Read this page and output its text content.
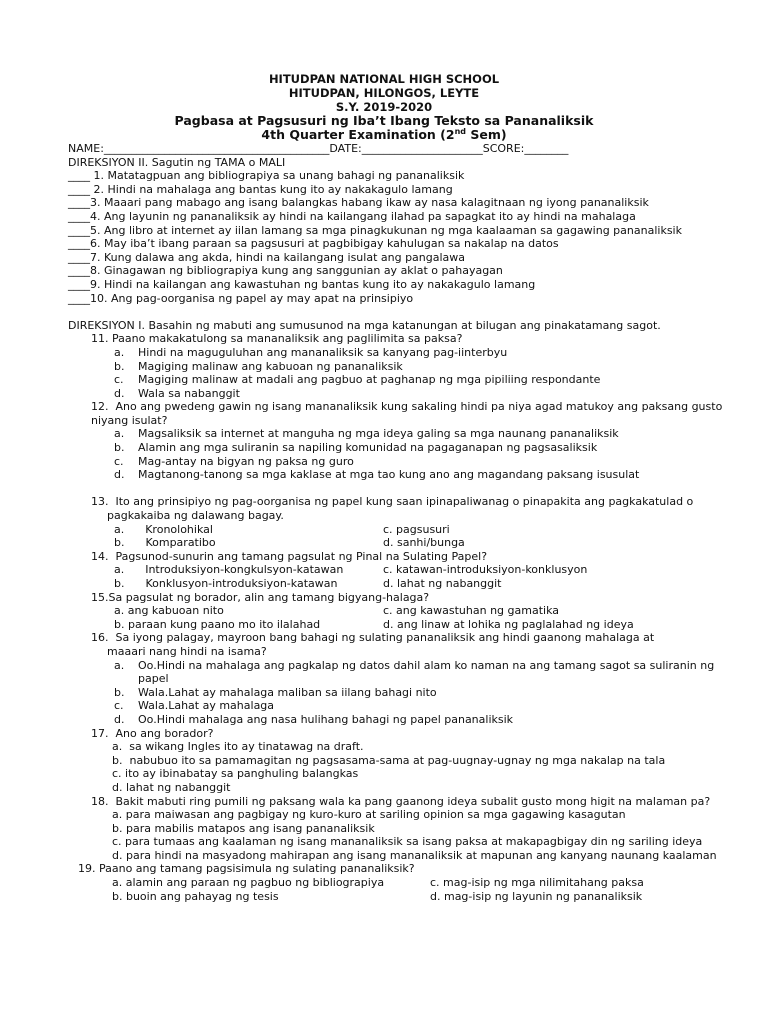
HITUDPAN NATIONAL HIGH SCHOOL
HITUDPAN, HILONGOS, LEYTE
S.Y. 2019-2020
Pagbasa at Pagsusuri ng Iba’t Ibang Teksto sa Pananaliksik
4th Quarter Examination (2nd Sem)
NAME:_________________________________________DATE:______________________SCORE:________
DIREKSIYON II. Sagutin ng TAMA o MALI
____ 1. Matatagpuan ang bibliograpiya sa unang bahagi ng pananaliksik
____ 2. Hindi na mahalaga ang bantas kung ito ay nakakagulo lamang
____3. Maaari pang mabago ang isang balangkas habang ikaw ay nasa kalagitnaan ng iyong pananaliksik
____4. Ang layunin ng pananaliksik ay hindi na kailangang ilahad pa sapagkat ito ay hindi na mahalaga
____5. Ang libro at internet ay iilan lamang sa mga pinagkukunan ng mga kaalaaman sa gagawing pananaliksik
____6. May iba’t ibang paraan sa pagsusuri at pagbibigay kahulugan sa nakalap na datos
____7. Kung dalawa ang akda, hindi na kailangang isulat ang pangalawa
____8. Ginagawan ng bibliograpiya kung ang sanggunian ay aklat o pahayagan
____9. Hindi na kailangan ang kawastuhan ng bantas kung ito ay nakakagulo lamang
____10. Ang pag-oorganisa ng papel ay may apat na prinsipiyo
DIREKSIYON I. Basahin ng mabuti ang sumusunod na mga katanungan at bilugan ang pinakatamang sagot.
11. Paano makakatulong sa mananaliksik ang paglilimita sa paksa?
a. Hindi na maguguluhan ang mananaliksik sa kanyang pag-iinterbyu
b. Magiging malinaw ang kabuoan ng pananaliksik
c. Magiging malinaw at madali ang pagbuo at paghanap ng mga pipiliing respondante
d. Wala sa nabanggit
12.  Ano ang pwedeng gawin ng isang mananaliksik kung sakaling hindi pa niya agad matukoy ang paksang gusto
niyang isulat?
a. Magsaliksik sa internet at manguha ng mga ideya galing sa mga naunang pananaliksik
b. Alamin ang mga suliranin sa napiling komunidad na pagaganapan ng pagsasaliksik
c. Mag-antay na bigyan ng paksa ng guro
d. Magtanong-tanong sa mga kaklase at mga tao kung ano ang magandang paksang isusulat
13.  Ito ang prinsipiyo ng pag-oorganisa ng papel kung saan ipinapaliwanag o pinapakita ang pagkakatulad o
pagkakaiba ng dalawang bagay.
a.      Kronolohikal	c. pagsusuri
b.      Komparatibo	d. sanhi/bunga
14.  Pagsunod-sunurin ang tamang pagsulat ng Pinal na Sulating Papel?
a.      Introduksiyon-kongkulsyon-katawan	c. katawan-introduksiyon-konklusyon
b.      Konklusyon-introduksiyon-katawan	d. lahat ng nabanggit
15.Sa pagsulat ng borador, alin ang tamang bigyang-halaga?
a. ang kabuoan nito	c. ang kawastuhan ng gamatika
b. paraan kung paano mo ito ilalahad	d. ang linaw at lohika ng paglalahad ng ideya
16.  Sa iyong palagay, mayroon bang bahagi ng sulating pananaliksik ang hindi gaanong mahalaga at
maaari nang hindi na isama?
a. Oo.Hindi na mahalaga ang pagkalap ng datos dahil alam ko naman na ang tamang sagot sa suliranin ng
papel
b. Wala.Lahat ay mahalaga maliban sa iilang bahagi nito
c. Wala.Lahat ay mahalaga
d. Oo.Hindi mahalaga ang nasa hulihang bahagi ng papel pananaliksik
17.  Ano ang borador?
a.  sa wikang Ingles ito ay tinatawag na draft.
b.  nabubuo ito sa pamamagitan ng pagsasama-sama at pag-uugnay-ugnay ng mga nakalap na tala
c. ito ay ibinabatay sa panghuling balangkas
d. lahat ng nabanggit
18.  Bakit mabuti ring pumili ng paksang wala ka pang gaanong ideya subalit gusto mong higit na malaman pa?
a. para maiwasan ang pagbigay ng kuro-kuro at sariling opinion sa mga gagawing kasagutan
b. para mabilis matapos ang isang pananaliksik
c. para tumaas ang kaalaman ng isang mananaliksik sa isang paksa at makapagbigay din ng sariling ideya
d. para hindi na masyadong mahirapan ang isang mananaliksik at mapunan ang kanyang naunang kaalaman
19. Paano ang tamang pagsisimula ng sulating pananaliksik?
a. alamin ang paraan ng pagbuo ng bibliograpiya	c. mag-isip ng mga nilimitahang paksa
b. buoin ang pahayag ng tesis	d. mag-isip ng layunin ng pananaliksik
